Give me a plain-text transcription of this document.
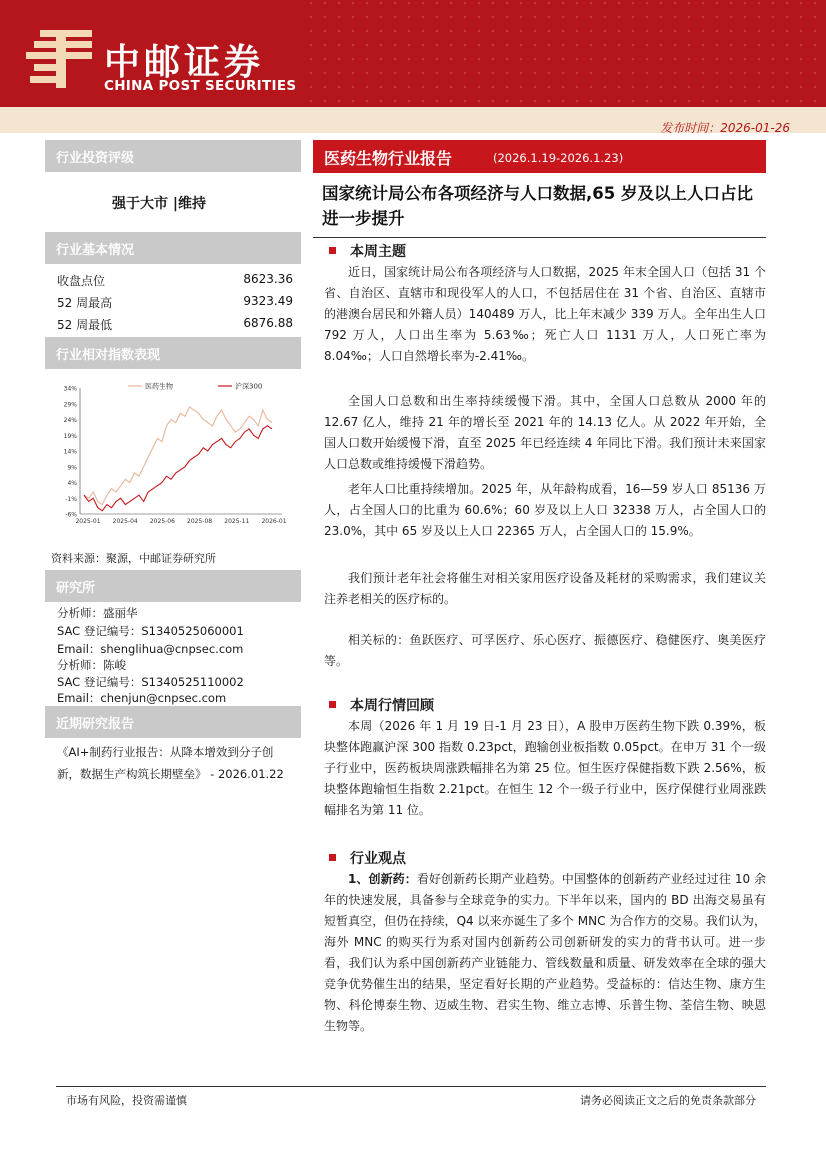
中邮证券
CHINA POST SECURITIES
发布时间：2026-01-26
行业投资评级
强于大市 |维持
行业基本情况
收盘点位	8623.36
52 周最高	9323.49
52 周最低	6876.88
行业相对指数表现
34%
29%
24%
19%
14%
9%
4%
-1%
-6%
2025-01 2025-04 2025-06 2025-08 2025-11 2026-01
医药生物	沪深300
资料来源：聚源，中邮证券研究所
研究所
分析师：盛丽华
SAC 登记编号：S1340525060001
Email：shenglihua@cnpsec.com
分析师：陈峻
SAC 登记编号：S1340525110002
Email：chenjun@cnpsec.com
近期研究报告
《AI+制药行业报告：从降本增效到分子创新，数据生产构筑长期壁垒》 - 2026.01.22
医药生物行业报告	(2026.1.19-2026.1.23)
国家统计局公布各项经济与人口数据,65 岁及以上人口占比进一步提升
本周主题

近日，国家统计局公布各项经济与人口数据，2025 年末全国人口（包括 31 个省、自治区、直辖市和现役军人的人口，不包括居住在 31 个省、自治区、直辖市的港澳台居民和外籍人员）140489 万人，比上年末减少 339 万人。全年出生人口 792 万人，人口出生率为 5.63‰；死亡人口 1131 万人，人口死亡率为 8.04‰；人口自然增长率为-2.41‰。

全国人口总数和出生率持续缓慢下滑。其中，全国人口总数从 2000 年的 12.67 亿人，维持 21 年的增长至 2021 年的 14.13 亿人。从 2022 年开始，全国人口数开始缓慢下滑，直至 2025 年已经连续 4 年同比下滑。我们预计未来国家人口总数或维持缓慢下滑趋势。

老年人口比重持续增加。2025 年，从年龄构成看，16—59 岁人口 85136 万人，占全国人口的比重为 60.6%；60 岁及以上人口 32338 万人，占全国人口的 23.0%，其中 65 岁及以上人口 22365 万人，占全国人口的 15.9%。

我们预计老年社会将催生对相关家用医疗设备及耗材的采购需求，我们建议关注养老相关的医疗标的。

相关标的：鱼跃医疗、可孚医疗、乐心医疗、振德医疗、稳健医疗、奥美医疗等。

本周行情回顾

本周（2026 年 1 月 19 日-1 月 23 日），A 股申万医药生物下跌 0.39%，板块整体跑赢沪深 300 指数 0.23pct，跑输创业板指数 0.05pct。在申万 31 个一级子行业中，医药板块周涨跌幅排名为第 25 位。恒生医疗保健指数下跌 2.56%，板块整体跑输恒生指数 2.21pct。在恒生 12 个一级子行业中，医疗保健行业周涨跌幅排名为第 11 位。

行业观点

1、创新药：看好创新药长期产业趋势。中国整体的创新药产业经过过往 10 余年的快速发展，具备参与全球竞争的实力。下半年以来，国内的 BD 出海交易虽有短暂真空，但仍在持续，Q4 以来亦诞生了多个 MNC 为合作方的交易。我们认为，海外 MNC 的购买行为系对国内创新药公司创新研发的实力的背书认可。进一步看，我们认为系中国创新药产业链能力、管线数量和质量、研发效率在全球的强大竞争优势催生出的结果，坚定看好长期的产业趋势。受益标的：信达生物、康方生物、科伦博泰生物、迈威生物、君实生物、维立志博、乐普生物、荃信生物、映恩生物等。

市场有风险，投资需谨慎	请务必阅读正文之后的免责条款部分
